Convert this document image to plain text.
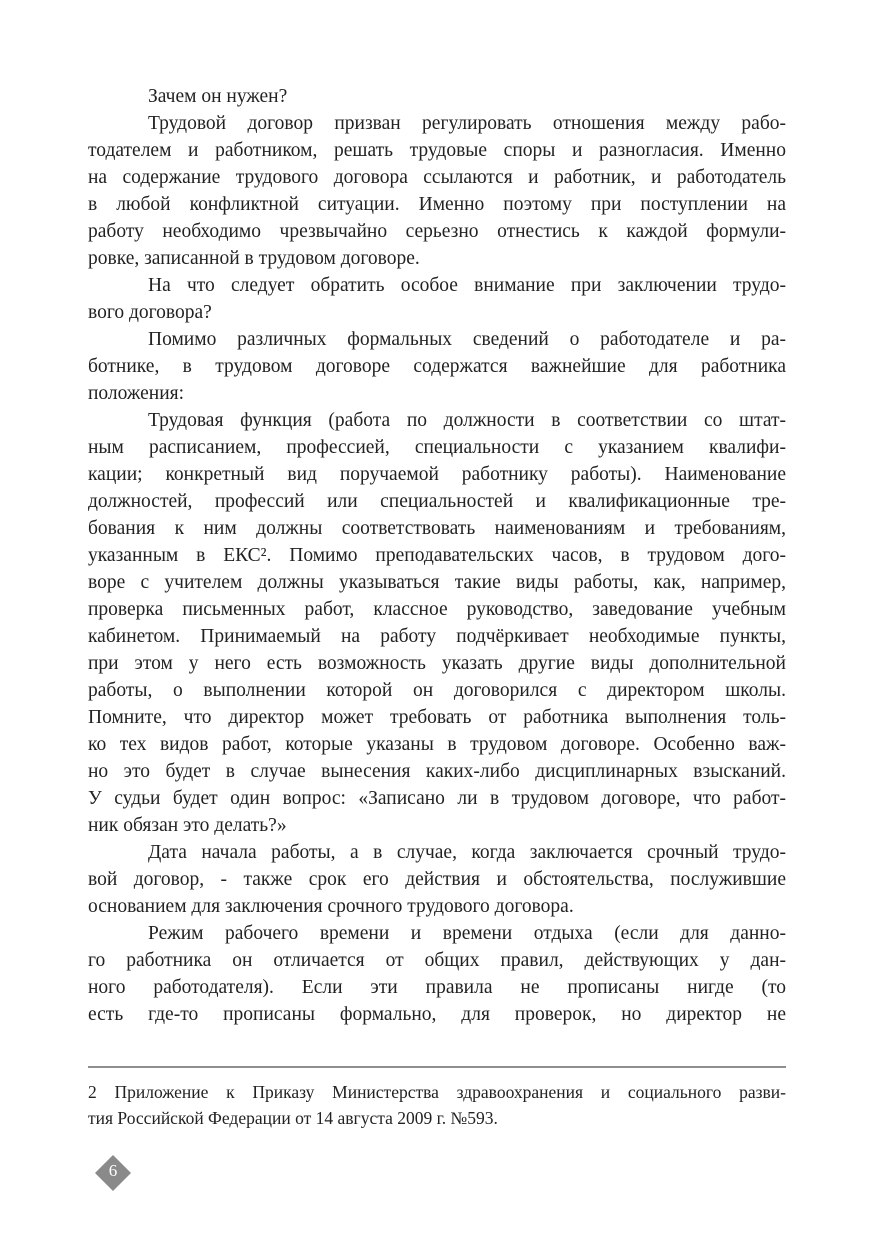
Зачем он нужен?
Трудовой договор призван регулировать отношения между рабо-
тодателем и работником, решать трудовые споры и разногласия. Именно
на содержание трудового договора ссылаются и работник, и работодатель
в любой конфликтной ситуации. Именно поэтому при поступлении на
работу необходимо чрезвычайно серьезно отнестись к каждой формули-
ровке, записанной в трудовом договоре.
На что следует обратить особое внимание при заключении трудо-
вого договора?
Помимо различных формальных сведений о работодателе и ра-
ботнике, в трудовом договоре содержатся важнейшие для работника
положения:
Трудовая функция (работа по должности в соответствии со штат-
ным расписанием, профессией, специальности с указанием квалифи-
кации; конкретный вид поручаемой работнику работы). Наименование
должностей, профессий или специальностей и квалификационные тре-
бования к ним должны соответствовать наименованиям и требованиям,
указанным в ЕКС². Помимо преподавательских часов, в трудовом дого-
воре с учителем должны указываться такие виды работы, как, например,
проверка письменных работ, классное руководство, заведование учебным
кабинетом. Принимаемый на работу подчёркивает необходимые пункты,
при этом у него есть возможность указать другие виды дополнительной
работы, о выполнении которой он договорился с директором школы.
Помните, что директор может требовать от работника выполнения толь-
ко тех видов работ, которые указаны в трудовом договоре. Особенно важ-
но это будет в случае вынесения каких-либо дисциплинарных взысканий.
У судьи будет один вопрос: «Записано ли в трудовом договоре, что работ-
ник обязан это делать?»
Дата начала работы, а в случае, когда заключается срочный трудо-
вой договор, - также срок его действия и обстоятельства, послужившие
основанием для заключения срочного трудового договора.
Режим рабочего времени и времени отдыха (если для данно-
го работника он отличается от общих правил, действующих у дан-
ного работодателя). Если эти правила не прописаны нигде (то
есть где-то прописаны формально, для проверок, но директор не
2 Приложение к Приказу Министерства здравоохранения и социального разви-
тия Российской Федерации от 14 августа 2009 г. №593.
6
